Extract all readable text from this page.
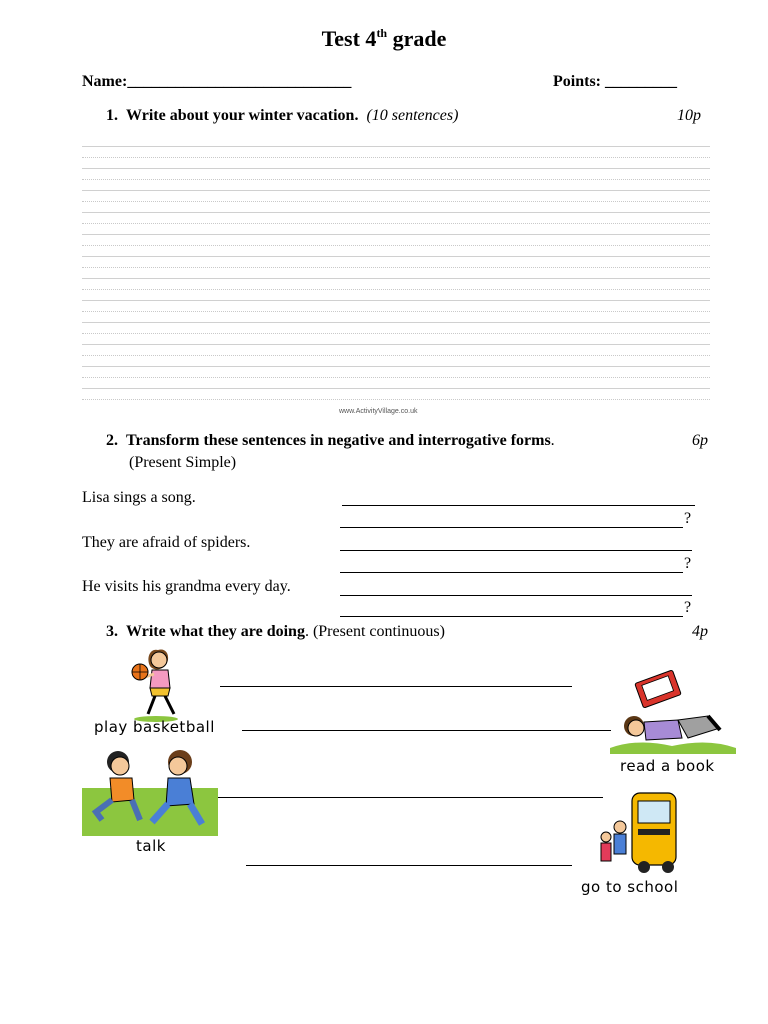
Test 4th grade
Name:____________________________	Points: _________
1. Write about your winter vacation. (10 sentences)	10p
www.ActivityVillage.co.uk
2. Transform these sentences in negative and interrogative forms.
(Present Simple)
6p
Lisa sings a song.
They are afraid of spiders.
He visits his grandma every day.
?
?
?
3. Write what they are doing. (Present continuous)	4p
play basketball
read a book
talk
go to school
